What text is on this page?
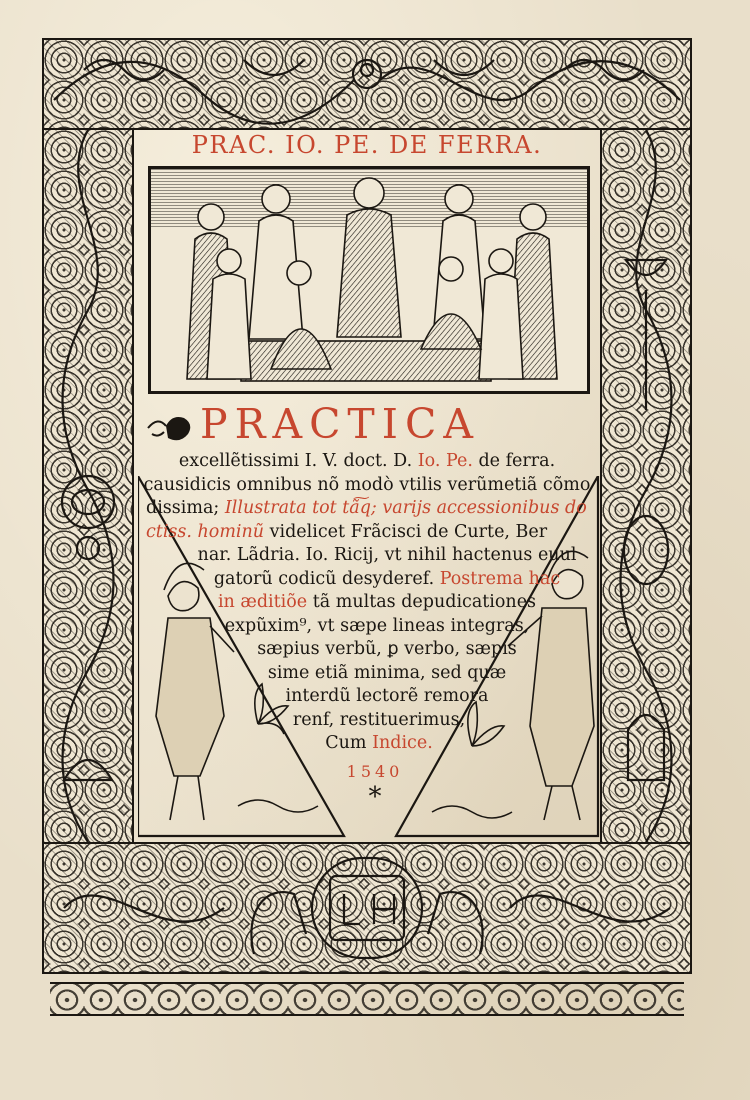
PRAC. IO. PE. DE FERRA.
PRACTICA
excellẽtissimi I. V. doct. D. Io. Pe. de ferra.
causidicis omnibus nõ modò vtilis verũmetiã cõmo
dissima; Illustrata tot tã͠q; varijs accessionibus do
ctiss. hominũ videlicet Frãcisci de Curte, Ber
nar. Lãdria. Io. Ricij, vt nihil hactenus euul
gatorũ codicũ desyderef. Postrema hac
in æditiõe tã multas depudicationes
expũxim⁹, vt sæpe lineas integras,
sæpius verbũ, ꝑ verbo, sæpis
sime etiã minima, sed quæ
interdũ lectorẽ remora
renf, restituerimus,
Cum Indice.
1540
*
